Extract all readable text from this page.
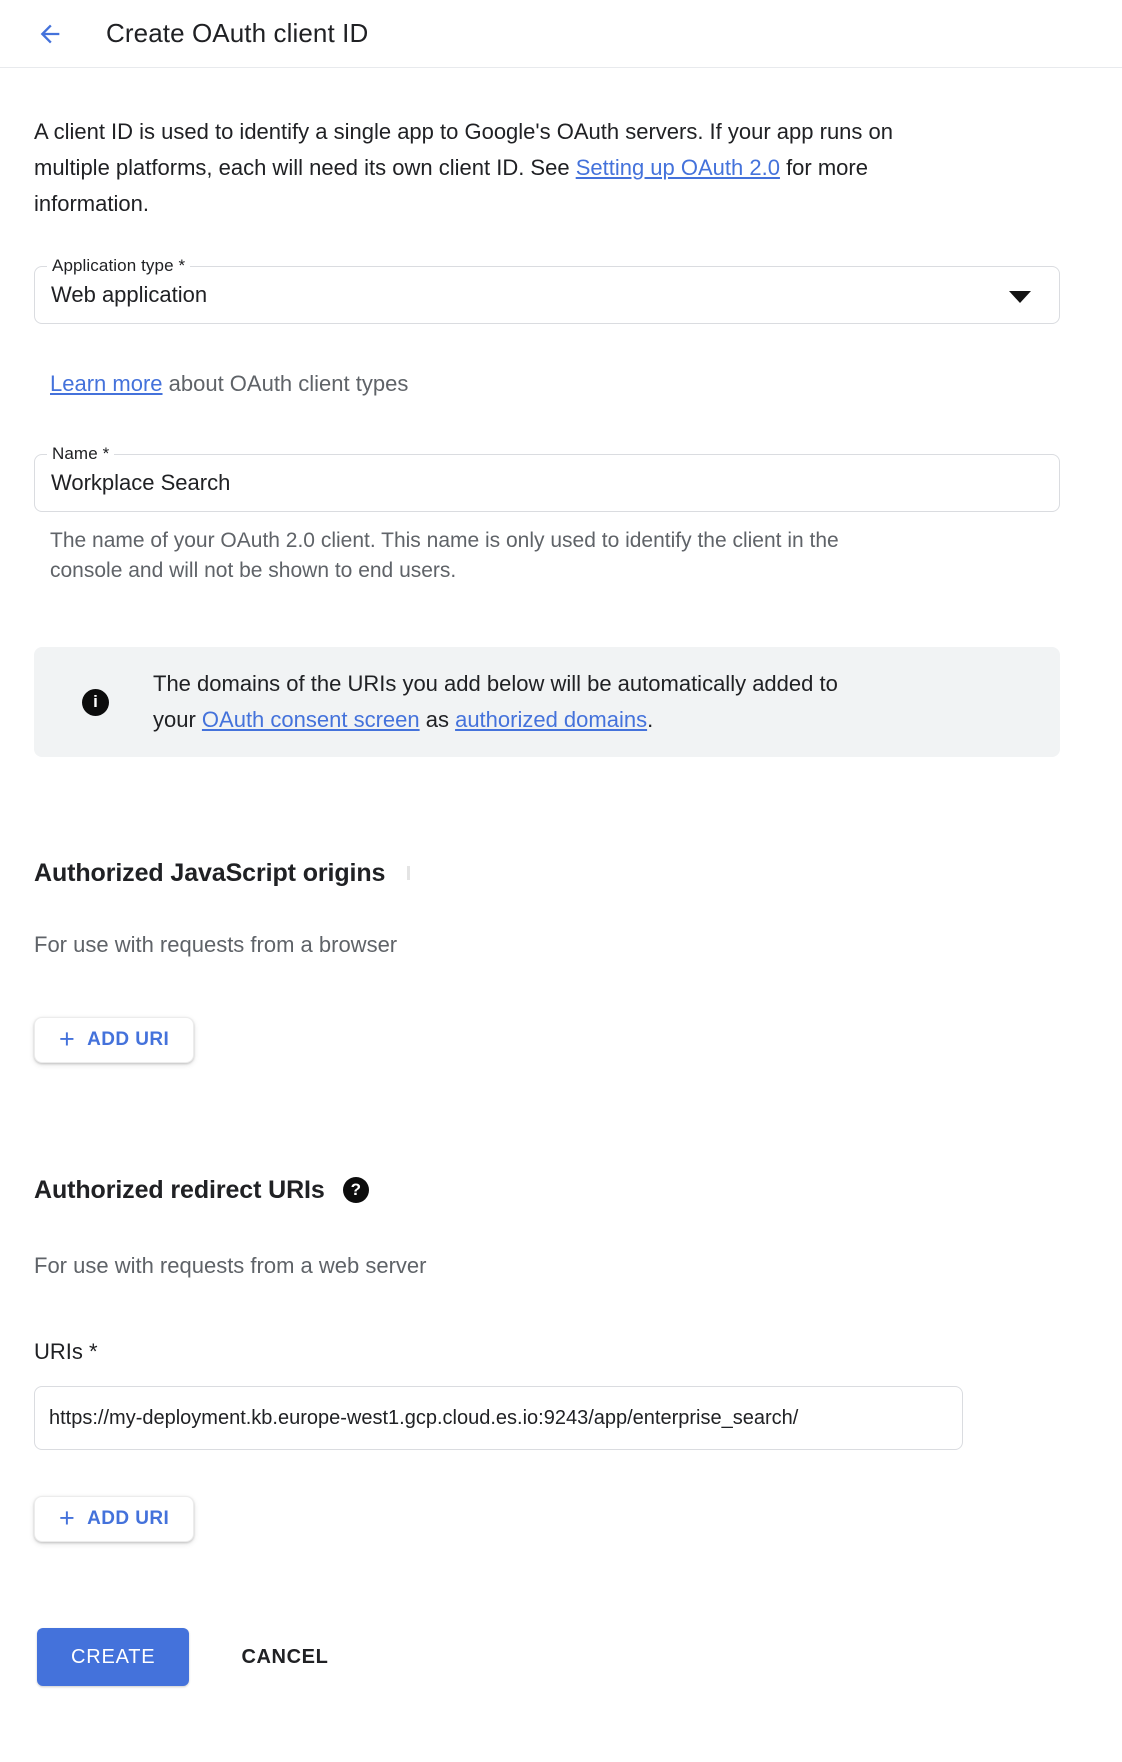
Create OAuth client ID

A client ID is used to identify a single app to Google's OAuth servers. If your app runs on multiple platforms, each will need its own client ID. See Setting up OAuth 2.0 for more information.

Application type *
Web application

Learn more about OAuth client types

Name *
Workplace Search

The name of your OAuth 2.0 client. This name is only used to identify the client in the console and will not be shown to end users.

i
The domains of the URIs you add below will be automatically added to
your OAuth consent screen as authorized domains.
Authorized JavaScript origins

For use with requests from a browser

+ ADD URI
Authorized redirect URIs	?

For use with requests from a web server

URIs *
https://my-deployment.kb.europe-west1.gcp.cloud.es.io:9243/app/enterprise_search/
+ ADD URI
CREATE	CANCEL
